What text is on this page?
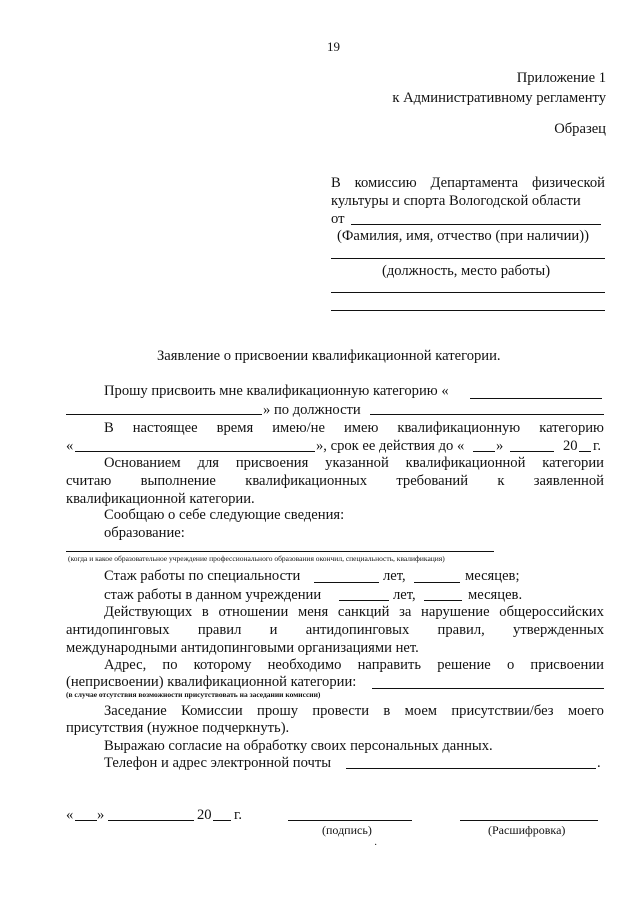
19
Приложение 1
к Административному регламенту
Образец
В комиссию Департамента физической
культуры и спорта Вологодской области
от
(Фамилия, имя, отчество (при наличии))
(должность, место работы)
Заявление о присвоении квалификационной категории.
Прошу присвоить мне квалификационную категорию «
» по должности
В настоящее время имею/не имею квалификационную категорию
«	», срок ее действия до « »	20 г.
Основанием для присвоения указанной квалификационной категории
считаю выполнение квалификационных требований к заявленной
квалификационной категории.
Сообщаю о себе следующие сведения:
образование:
(когда и какое образовательное учреждение профессионального образования окончил, специальность, квалификация)
Стаж работы по специальности	лет,	месяцев;
стаж работы в данном учреждении	лет,	месяцев.
Действующих в отношении меня санкций за нарушение общероссийских
антидопинговых правил и антидопинговых правил, утвержденных
международными антидопинговыми организациями нет.
Адрес, по которому необходимо направить решение о присвоении
(неприсвоении) квалификационной категории:
(в случае отсутствия возможности присутствовать на заседании комиссии)
Заседание Комиссии прошу провести в моем присутствии/без моего
присутствия (нужное подчеркнуть).
Выражаю согласие на обработку своих персональных данных.
Телефон и адрес электронной почты	.
« »	20 г.
(подпись)	(Расшифровка)
·
